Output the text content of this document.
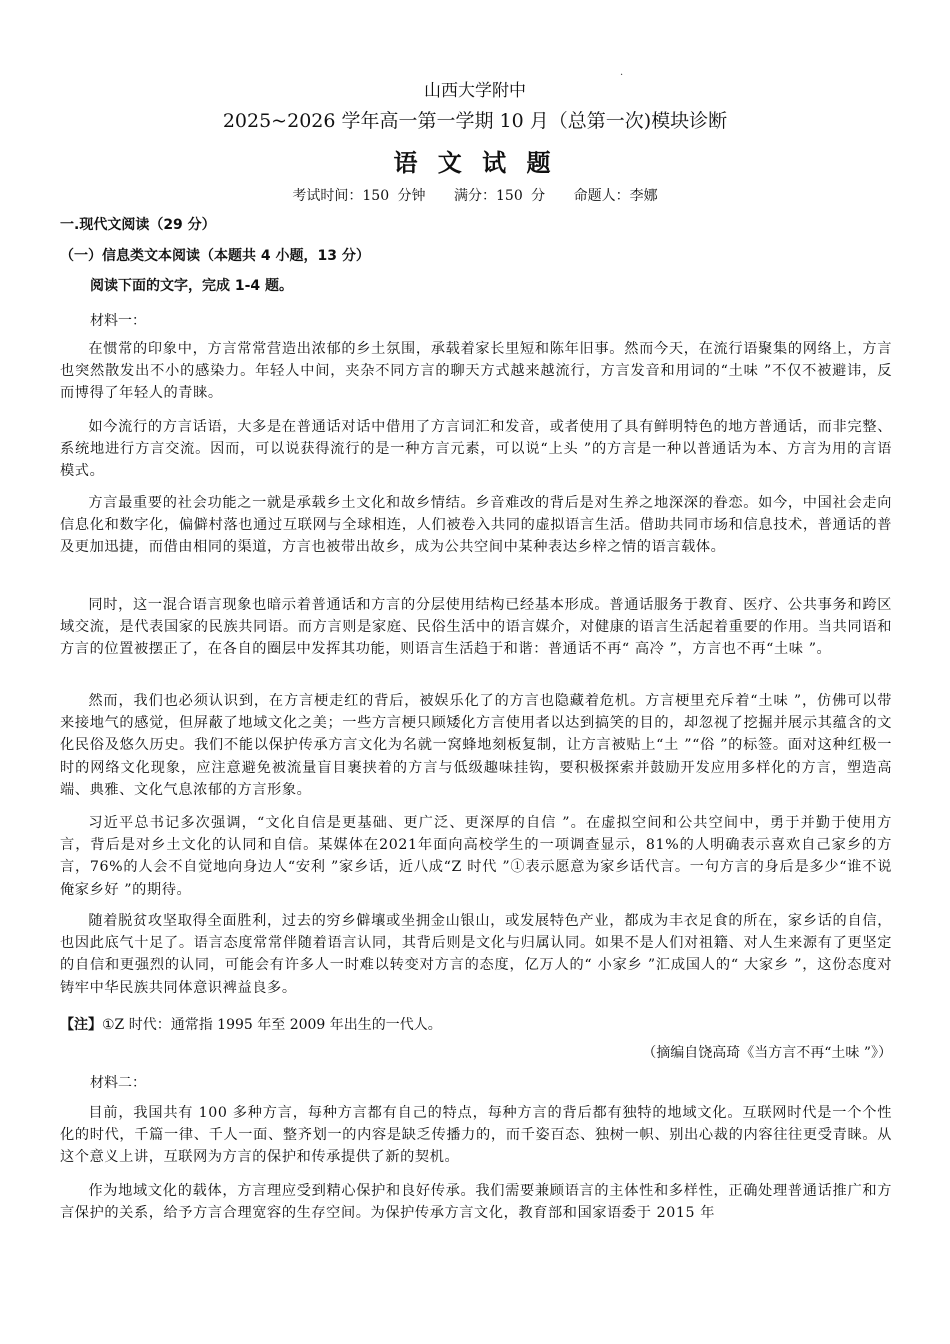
·
山西大学附中
2025~2026 学年高一第一学期 10 月（总第一次)模块诊断
语 文 试 题
考试时间：150 分钟 满分：150 分 命题人：李娜
一.现代文阅读（29 分）
（一）信息类文本阅读（本题共 4 小题，13 分）
阅读下面的文字，完成 1-4 题。
材料一：
在惯常的印象中，方言常常营造出浓郁的乡土氛围，承载着家长里短和陈年旧事。然而今天，在流行语聚集的网络上，方言也突然散发出不小的感染力。年轻人中间，夹杂不同方言的聊天方式越来越流行，方言发音和用词的“土味 ”不仅不被避讳，反而博得了年轻人的青睐。
如今流行的方言话语，大多是在普通话对话中借用了方言词汇和发音，或者使用了具有鲜明特色的地方普通话，而非完整、系统地进行方言交流。因而，可以说获得流行的是一种方言元素，可以说“上头 ”的方言是一种以普通话为本、方言为用的言语模式。
方言最重要的社会功能之一就是承载乡土文化和故乡情结。乡音难改的背后是对生养之地深深的眷恋。如今，中国社会走向信息化和数字化，偏僻村落也通过互联网与全球相连，人们被卷入共同的虚拟语言生活。借助共同市场和信息技术，普通话的普及更加迅捷，而借由相同的渠道，方言也被带出故乡，成为公共空间中某种表达乡梓之情的语言载体。
同时，这一混合语言现象也暗示着普通话和方言的分层使用结构已经基本形成。普通话服务于教育、医疗、公共事务和跨区域交流，是代表国家的民族共同语。而方言则是家庭、民俗生活中的语言媒介，对健康的语言生活起着重要的作用。当共同语和方言的位置被摆正了，在各自的圈层中发挥其功能，则语言生活趋于和谐：普通话不再“ 高冷 ”，方言也不再“土味 ”。
然而，我们也必须认识到，在方言梗走红的背后，被娱乐化了的方言也隐藏着危机。方言梗里充斥着“土味 ”，仿佛可以带来接地气的感觉，但屏蔽了地域文化之美；一些方言梗只顾矮化方言使用者以达到搞笑的目的，却忽视了挖掘并展示其蕴含的文化民俗及悠久历史。我们不能以保护传承方言文化为名就一窝蜂地刻板复制，让方言被贴上“土 ”“俗 ”的标签。面对这种红极一时的网络文化现象，应注意避免被流量盲目裹挟着的方言与低级趣味挂钩，要积极探索并鼓励开发应用多样化的方言，塑造高端、典雅、文化气息浓郁的方言形象。
习近平总书记多次强调，“文化自信是更基础、更广泛、更深厚的自信 ”。在虚拟空间和公共空间中，勇于并勤于使用方言，背后是对乡土文化的认同和自信。某媒体在2021年面向高校学生的一项调查显示，81%的人明确表示喜欢自己家乡的方言，76%的人会不自觉地向身边人“安利 ”家乡话，近八成“Z 时代 ”①表示愿意为家乡话代言。一句方言的身后是多少“谁不说俺家乡好 ”的期待。
随着脱贫攻坚取得全面胜利，过去的穷乡僻壤或坐拥金山银山，或发展特色产业，都成为丰衣足食的所在，家乡话的自信，也因此底气十足了。语言态度常常伴随着语言认同，其背后则是文化与归属认同。如果不是人们对祖籍、对人生来源有了更坚定的自信和更强烈的认同，可能会有许多人一时难以转变对方言的态度，亿万人的“ 小家乡 ”汇成国人的“ 大家乡 ”，这份态度对铸牢中华民族共同体意识裨益良多。
【注】①Z 时代：通常指 1995 年至 2009 年出生的一代人。
（摘编自饶高琦《当方言不再“土味 ”》）
材料二：
目前，我国共有 100 多种方言，每种方言都有自己的特点，每种方言的背后都有独特的地域文化。互联网时代是一个个性化的时代，千篇一律、千人一面、整齐划一的内容是缺乏传播力的，而千姿百态、独树一帜、别出心裁的内容往往更受青睐。从这个意义上讲，互联网为方言的保护和传承提供了新的契机。
作为地域文化的载体，方言理应受到精心保护和良好传承。我们需要兼顾语言的主体性和多样性，正确处理普通话推广和方言保护的关系，给予方言合理宽容的生存空间。为保护传承方言文化，教育部和国家语委于 2015 年
